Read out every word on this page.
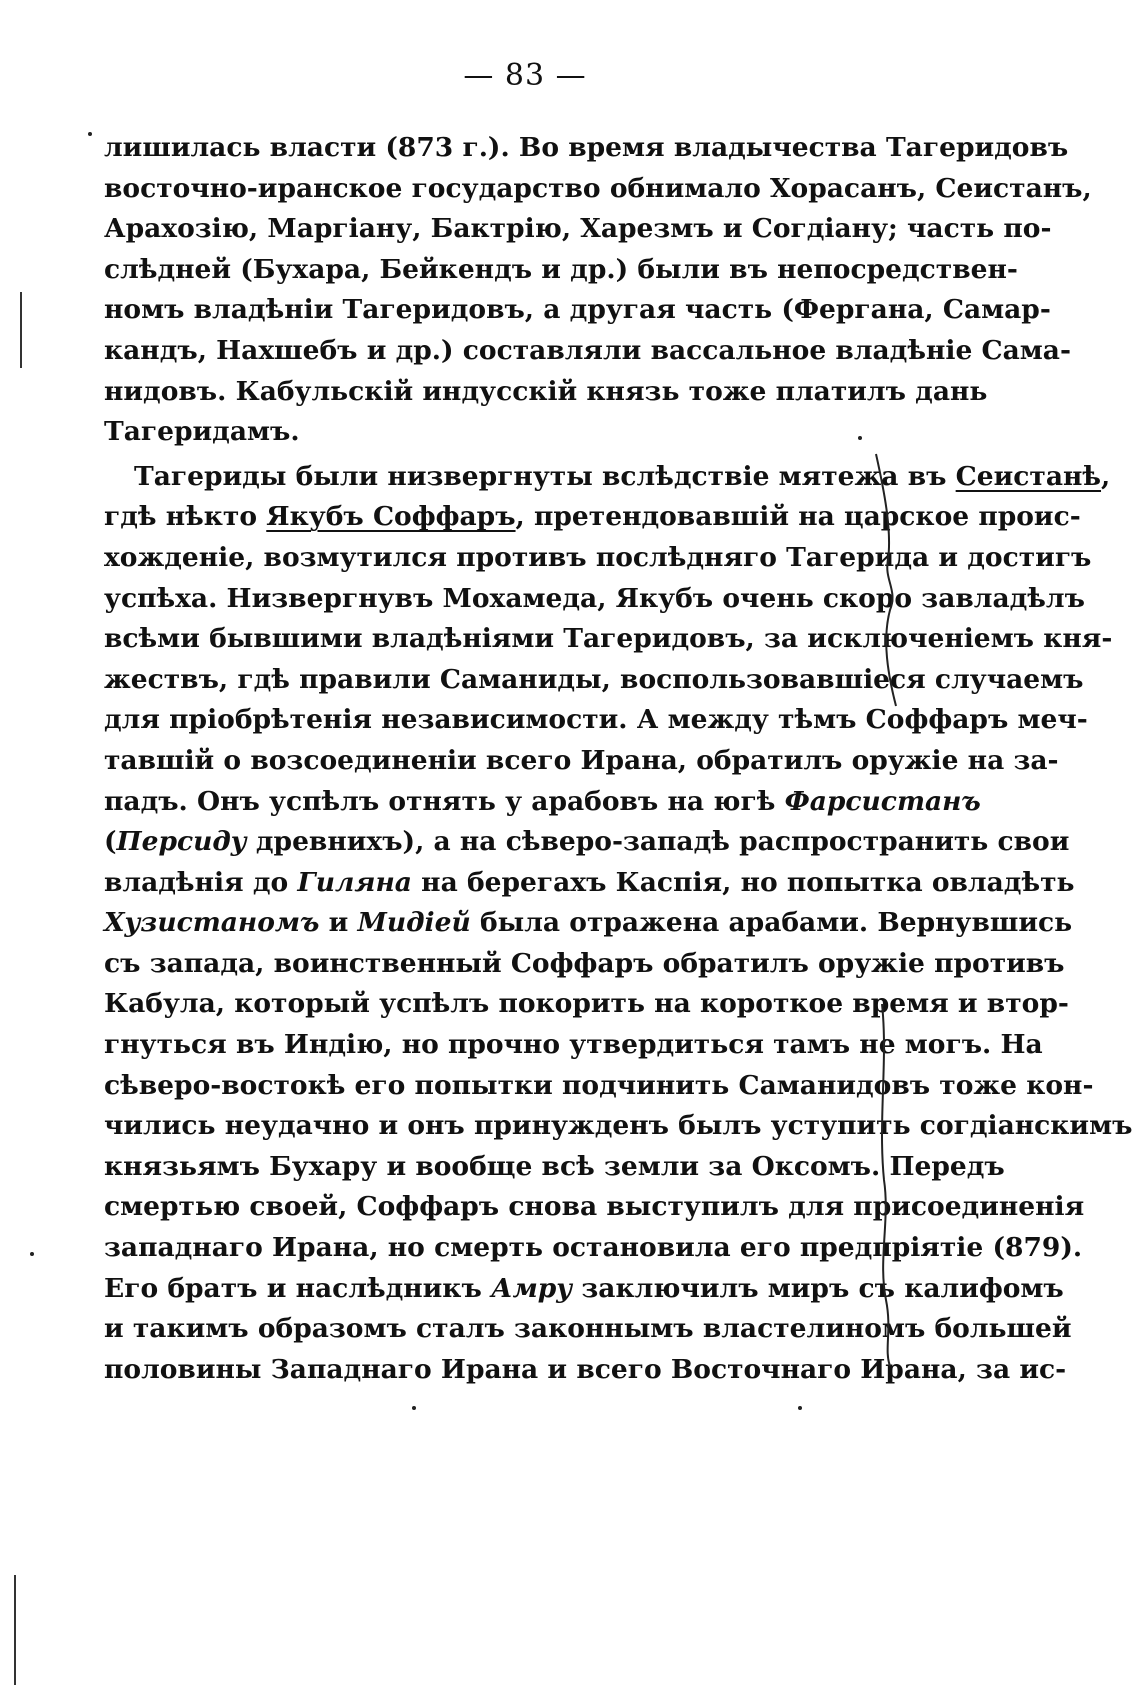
— 83 —
лишилась власти (873 г.). Во время владычества Тагеридовъ
восточно-иранское государство обнимало Хорасанъ, Сеистанъ,
Арахозію, Маргіану, Бактрію, Харезмъ и Согдіану; часть по-
слѣдней (Бухара, Бейкендъ и др.) были въ непосредствен-
номъ владѣніи Тагеридовъ, а другая часть (Фергана, Самар-
кандъ, Нахшебъ и др.) составляли вассальное владѣніе Сама-
нидовъ. Кабульскій индусскій князь тоже платилъ дань
Тагеридамъ.
Тагериды были низвергнуты вслѣдствіе мятежа въ Сеистанѣ,
гдѣ нѣкто Якубъ Соффаръ, претендовавшій на царское проис-
хожденіе, возмутился противъ послѣдняго Тагерида и достигъ
успѣха. Низвергнувъ Мохамеда, Якубъ очень скоро завладѣлъ
всѣми бывшими владѣніями Тагеридовъ, за исключеніемъ кня-
жествъ, гдѣ правили Саманиды, воспользовавшіеся случаемъ
для пріобрѣтенія независимости. А между тѣмъ Соффаръ меч-
тавшій о возсоединеніи всего Ирана, обратилъ оружіе на за-
падъ. Онъ успѣлъ отнять у арабовъ на югѣ Фарсистанъ
(Персиду древнихъ), а на сѣверо-западѣ распространить свои
владѣнія до Гиляна на берегахъ Каспія, но попытка овладѣть
Хузистаномъ и Мидіей была отражена арабами. Вернувшись
съ запада, воинственный Соффаръ обратилъ оружіе противъ
Кабула, который успѣлъ покорить на короткое время и втор-
гнуться въ Индію, но прочно утвердиться тамъ не могъ. На
сѣверо-востокѣ его попытки подчинить Саманидовъ тоже кон-
чились неудачно и онъ принужденъ былъ уступить согдіанскимъ
князьямъ Бухару и вообще всѣ земли за Оксомъ. Передъ
смертью своей, Соффаръ снова выступилъ для присоединенія
западнаго Ирана, но смерть остановила его предпріятіе (879).
Его братъ и наслѣдникъ Амру заключилъ миръ съ калифомъ
и такимъ образомъ сталъ законнымъ властелиномъ большей
половины Западнаго Ирана и всего Восточнаго Ирана, за ис-
